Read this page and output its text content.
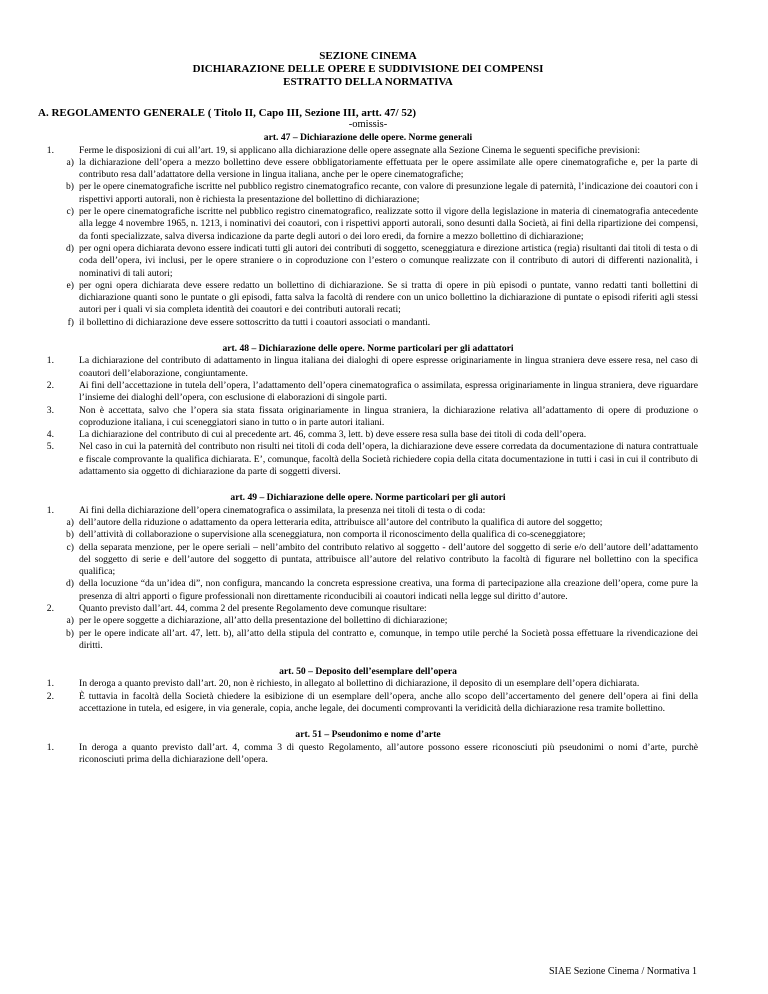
SEZIONE CINEMA
DICHIARAZIONE DELLE OPERE E SUDDIVISIONE DEI COMPENSI
ESTRATTO DELLA NORMATIVA
A. REGOLAMENTO GENERALE ( Titolo II, Capo III, Sezione III, artt. 47/ 52)
-omissis-
art. 47 – Dichiarazione delle opere. Norme generali
1.	Ferme le disposizioni di cui all’art. 19, si applicano alla dichiarazione delle opere assegnate alla Sezione Cinema le seguenti specifiche previsioni:
a) la dichiarazione dell’opera a mezzo bollettino deve essere obbligatoriamente effettuata per le opere assimilate alle opere cinematografiche e, per la parte di contributo resa dall’adattatore della versione in lingua italiana, anche per le opere cinematografiche;
b) per le opere cinematografiche iscritte nel pubblico registro cinematografico recante, con valore di presunzione legale di paternità, l’indicazione dei coautori con i rispettivi apporti autorali, non è richiesta la presentazione del bollettino di dichiarazione;
c) per le opere cinematografiche iscritte nel pubblico registro cinematografico, realizzate sotto il vigore della legislazione in materia di cinematografia antecedente alla legge 4 novembre 1965, n. 1213, i nominativi dei coautori, con i rispettivi apporti autorali, sono desunti dalla Società, ai fini della ripartizione dei compensi, da fonti specializzate, salva diversa indicazione da parte degli autori o dei loro eredi, da fornire a mezzo bollettino di dichiarazione;
d) per ogni opera dichiarata devono essere indicati tutti gli autori dei contributi di soggetto, sceneggiatura e direzione artistica (regia) risultanti dai titoli di testa o di coda dell’opera, ivi inclusi, per le opere straniere o in coproduzione con l’estero o comunque realizzate con il contributo di autori di differenti nazionalità, i nominativi di tali autori;
e) per ogni opera dichiarata deve essere redatto un bollettino di dichiarazione. Se si tratta di opere in più episodi o puntate, vanno redatti tanti bollettini di dichiarazione quanti sono le puntate o gli episodi, fatta salva la facoltà di rendere con un unico bollettino la dichiarazione di puntate o episodi riferiti agli stessi autori per i quali vi sia completa identità dei coautori e dei contributi autorali recati;
f) il bollettino di dichiarazione deve essere sottoscritto da tutti i coautori associati o mandanti.
art. 48 – Dichiarazione delle opere. Norme particolari per gli adattatori
1.	La dichiarazione del contributo di adattamento in lingua italiana dei dialoghi di opere espresse originariamente in lingua straniera deve essere resa, nel caso di coautori dell’elaborazione, congiuntamente.
2.	Ai fini dell’accettazione in tutela dell’opera, l’adattamento dell’opera cinematografica o assimilata, espressa originariamente in lingua straniera, deve riguardare l’insieme dei dialoghi dell’opera, con esclusione di elaborazioni di singole parti.
3.	Non è accettata, salvo che l’opera sia stata fissata originariamente in lingua straniera, la dichiarazione relativa all’adattamento di opere di produzione o coproduzione italiana, i cui sceneggiatori siano in tutto o in parte autori italiani.
4.	La dichiarazione del contributo di cui al precedente art. 46, comma 3, lett. b) deve essere resa sulla base dei titoli di coda dell’opera.
5.	Nel caso in cui la paternità del contributo non risulti nei titoli di coda dell’opera, la dichiarazione deve essere corredata da documentazione di natura contrattuale e fiscale comprovante la qualifica dichiarata. E’, comunque, facoltà della Società richiedere copia della citata documentazione in tutti i casi in cui il contributo di adattamento sia oggetto di dichiarazione da parte di soggetti diversi.
art. 49 – Dichiarazione delle opere. Norme particolari per gli autori
1.	Ai fini della dichiarazione dell’opera cinematografica o assimilata, la presenza nei titoli di testa o di coda:
a) dell’autore della riduzione o adattamento da opera letteraria edita, attribuisce all’autore del contributo la qualifica di autore del soggetto;
b) dell’attività di collaborazione o supervisione alla sceneggiatura, non comporta il riconoscimento della qualifica di co-sceneggiatore;
c) della separata menzione, per le opere seriali – nell’ambito del contributo relativo al soggetto - dell’autore del soggetto di serie e/o dell’autore dell’adattamento del soggetto di serie e dell’autore del soggetto di puntata, attribuisce all’autore del relativo contributo la facoltà di figurare nel bollettino con la specifica qualifica;
d) della locuzione “da un’idea di”, non configura, mancando la concreta espressione creativa, una forma di partecipazione alla creazione dell’opera, come pure la presenza di altri apporti o figure professionali non direttamente riconducibili ai coautori indicati nella legge sul diritto d’autore.
2.	Quanto previsto dall’art. 44, comma 2 del presente Regolamento deve comunque risultare:
a) per le opere soggette a dichiarazione, all’atto della presentazione del bollettino di dichiarazione;
b) per le opere indicate all’art. 47, lett. b), all’atto della stipula del contratto e, comunque, in tempo utile perché la Società possa effettuare la rivendicazione dei diritti.
art. 50 – Deposito dell’esemplare dell’opera
1.	In deroga a quanto previsto dall’art. 20, non è richiesto, in allegato al bollettino di dichiarazione, il deposito di un esemplare dell’opera dichiarata.
2.	È tuttavia in facoltà della Società chiedere la esibizione di un esemplare dell’opera, anche allo scopo dell’accertamento del genere dell’opera ai fini della accettazione in tutela, ed esigere, in via generale, copia, anche legale, dei documenti comprovanti la veridicità della dichiarazione resa tramite bollettino.
art. 51 – Pseudonimo e nome d’arte
1.	In deroga a quanto previsto dall’art. 4, comma 3 di questo Regolamento, all’autore possono essere riconosciuti più pseudonimi o nomi d’arte, purchè riconosciuti prima della dichiarazione dell’opera.
SIAE Sezione Cinema / Normativa 1
